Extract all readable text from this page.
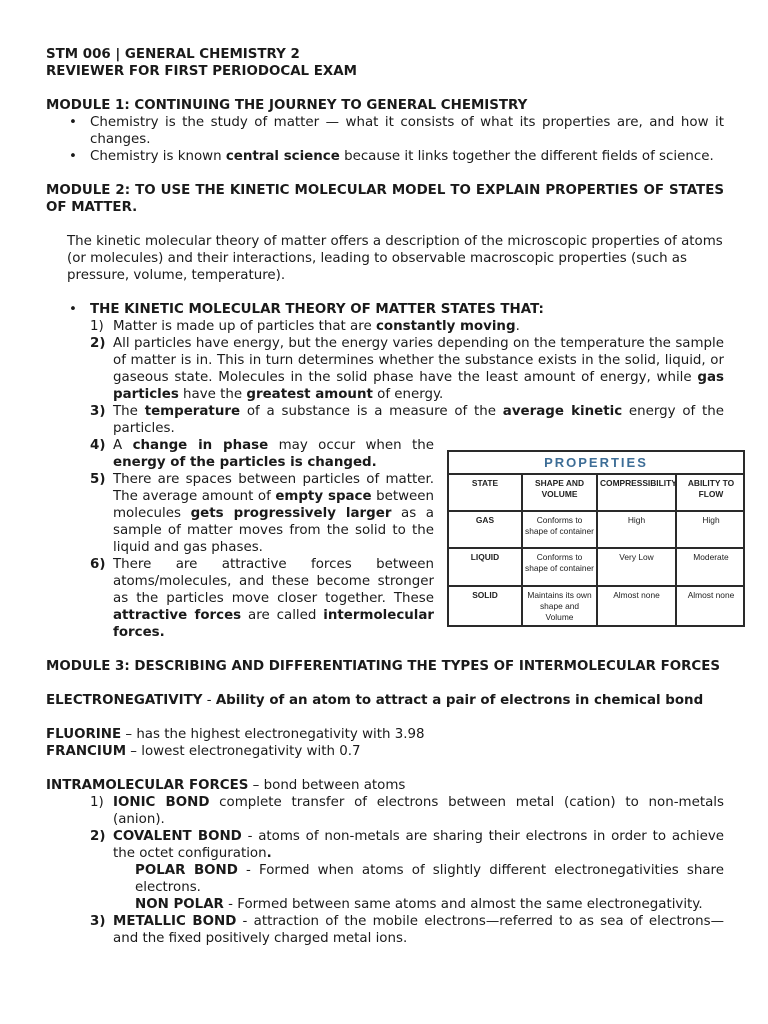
STM 006 | GENERAL CHEMISTRY 2
REVIEWER FOR FIRST PERIODOCAL EXAM
MODULE 1: CONTINUING THE JOURNEY TO GENERAL CHEMISTRY
• Chemistry is the study of matter — what it consists of what its properties are, and how it changes.
• Chemistry is known central science because it links together the different fields of science.
MODULE 2: TO USE THE KINETIC MOLECULAR MODEL TO EXPLAIN PROPERTIES OF STATES OF MATTER.
The kinetic molecular theory of matter offers a description of the microscopic properties of atoms (or molecules) and their interactions, leading to observable macroscopic properties (such as pressure, volume, temperature).
• THE KINETIC MOLECULAR THEORY OF MATTER STATES THAT:
1) Matter is made up of particles that are constantly moving.
2) All particles have energy, but the energy varies depending on the temperature the sample of matter is in. This in turn determines whether the substance exists in the solid, liquid, or gaseous state. Molecules in the solid phase have the least amount of energy, while gas particles have the greatest amount of energy.
3) The temperature of a substance is a measure of the average kinetic energy of the particles.
4) A change in phase may occur when the energy of the particles is changed.
5) There are spaces between particles of matter. The average amount of empty space between molecules gets progressively larger as a sample of matter moves from the solid to the liquid and gas phases.
6) There are attractive forces between atoms/molecules, and these become stronger as the particles move closer together. These attractive forces are called intermolecular forces.
MODULE 3: DESCRIBING AND DIFFERENTIATING THE TYPES OF INTERMOLECULAR FORCES
ELECTRONEGATIVITY - Ability of an atom to attract a pair of electrons in chemical bond
FLUORINE – has the highest electronegativity with 3.98
FRANCIUM – lowest electronegativity with 0.7
INTRAMOLECULAR FORCES – bond between atoms
1) IONIC BOND complete transfer of electrons between metal (cation) to non-metals (anion).
2) COVALENT BOND - atoms of non-metals are sharing their electrons in order to achieve the octet configuration.
POLAR BOND - Formed when atoms of slightly different electronegativities share electrons.
NON POLAR - Formed between same atoms and almost the same electronegativity.
3) METALLIC BOND - attraction of the mobile electrons—referred to as sea of electrons—and the fixed positively charged metal ions.
PROPERTIES
STATE	SHAPE AND VOLUME	COMPRESSIBILITY	ABILITY TO FLOW
GAS	Conforms to shape of container	High	High
LIQUID	Conforms to shape of container	Very Low	Moderate
SOLID	Maintains its own shape and Volume	Almost none	Almost none
